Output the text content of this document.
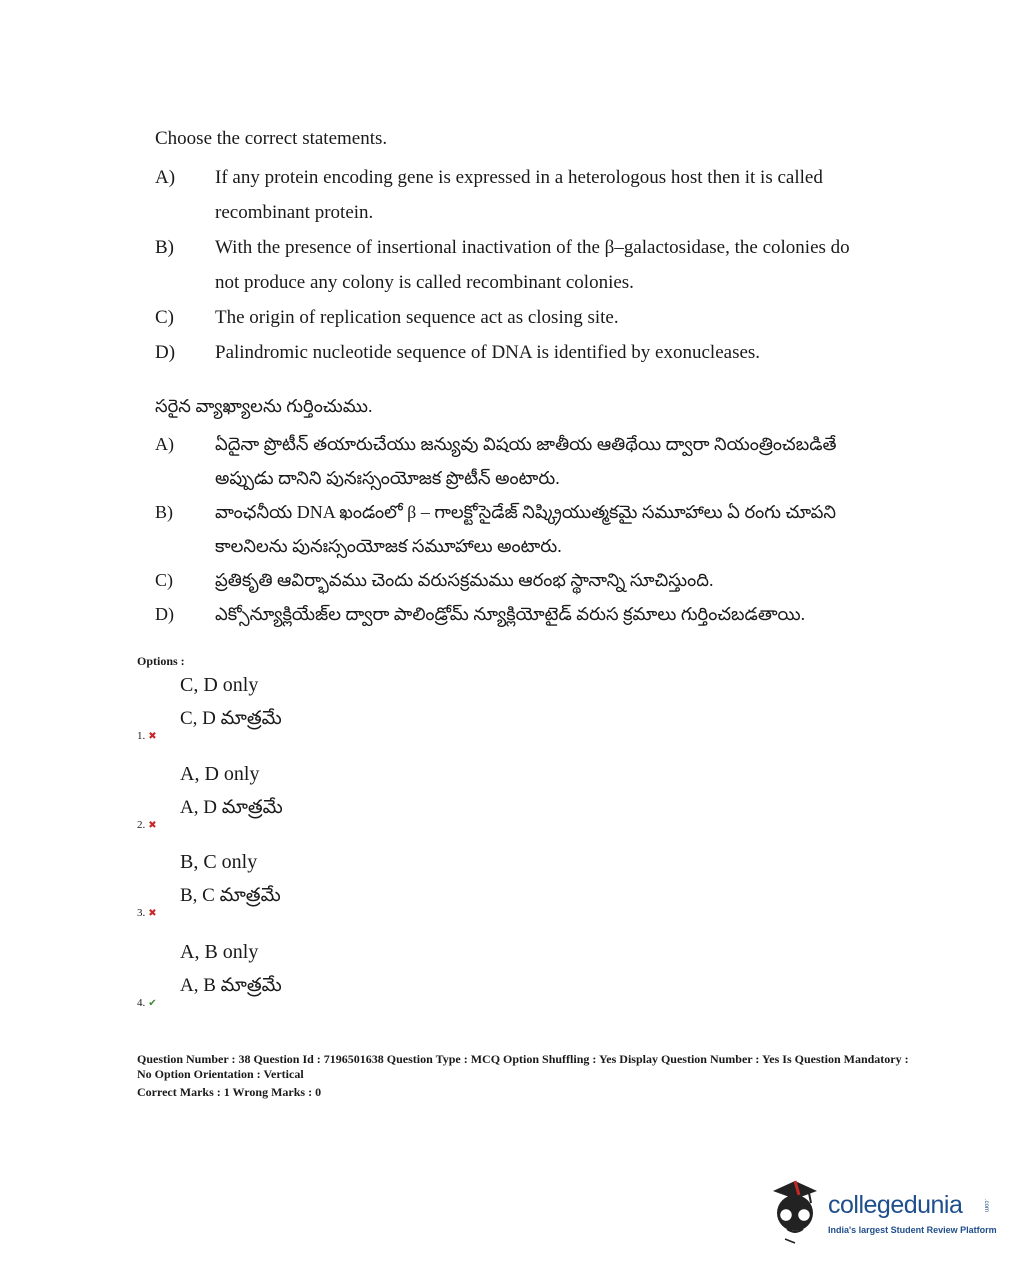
Choose the correct statements.

A)	If any protein encoding gene is expressed in a heterologous host then it is called recombinant protein.
B)	With the presence of insertional inactivation of the β–galactosidase, the colonies do not produce any colony is called recombinant colonies.
C)	The origin of replication sequence act as closing site.
D)	Palindromic nucleotide sequence of DNA is identified by exonucleases.

సరైన వ్యాఖ్యాలను గుర్తించుము.

A)	ఏదైనా ప్రొటీన్ తయారుచేయు జన్యువు విషయ జాతీయ ఆతిథేయి ద్వారా నియంత్రించబడితే అప్పుడు దానిని పునఃస్సంయోజక ప్రొటీన్ అంటారు.
B)	వాంఛనీయ DNA ఖండంలో β – గాలక్టోసైడేజ్ నిష్క్రియుత్మకమై సమూహాలు ఏ రంగు చూపని కాలనిలను పునఃస్సంయోజక సమూహాలు అంటారు.
C)	ప్రతికృతి ఆవిర్భావము చెందు వరుసక్రమము ఆరంభ స్థానాన్ని సూచిస్తుంది.
D)	ఎక్సోన్యూక్లియేజ్‌ల ద్వారా పాలిండ్రోమ్ న్యూక్లియోటైడ్ వరుస క్రమాలు గుర్తించబడతాయి.
Options :
C, D only
C, D మాత్రమే
1. ✖
A, D only
A, D మాత్రమే
2. ✖
B, C only
B, C మాత్రమే
3. ✖
A, B only
A, B మాత్రమే
4. ✔
Question Number : 38 Question Id : 7196501638 Question Type : MCQ Option Shuffling : Yes Display Question Number : Yes Is Question Mandatory : No Option Orientation : Vertical
Correct Marks : 1 Wrong Marks : 0
collegedunia	.com
India's largest Student Review Platform
